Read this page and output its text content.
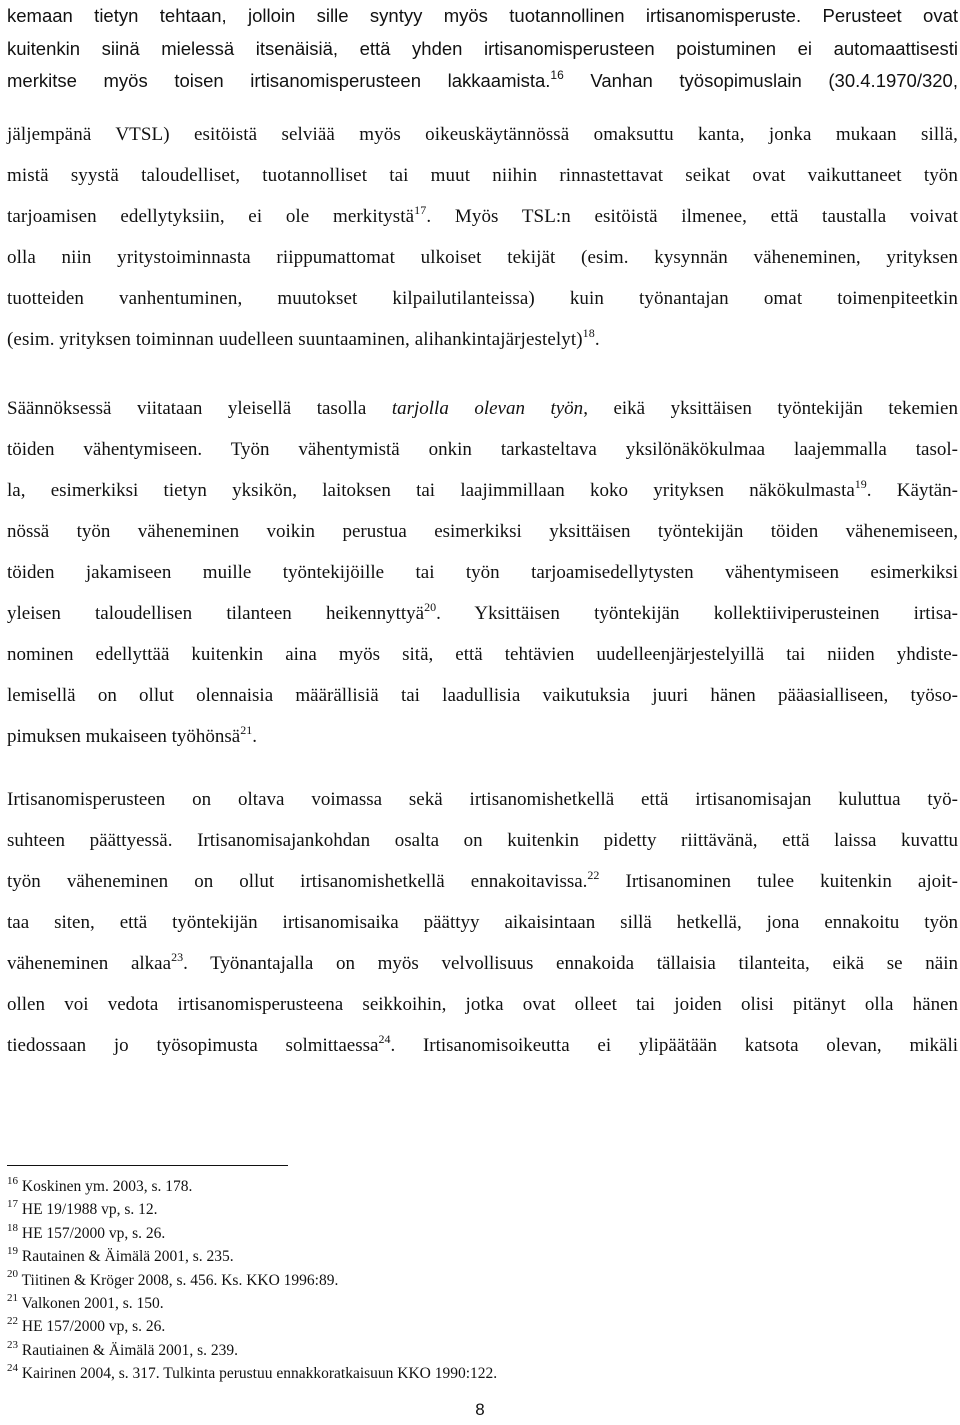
kemaan tietyn tehtaan, jolloin sille syntyy myös tuotannollinen irtisanomisperuste. Perusteet ovat
kuitenkin siinä mielessä itsenäisiä, että yhden irtisanomisperusteen poistuminen ei automaattisesti
merkitse myös toisen irtisanomisperusteen lakkaamista.$^{16}$ Vanhan työsopimuslain (30.4.1970/320,
jäljempänä VTSL) esitöistä selviää myös oikeuskäytännössä omaksuttu kanta, jonka mukaan sillä,
mistä syystä taloudelliset, tuotannolliset tai muut niihin rinnastettavat seikat ovat vaikuttaneet työn
tarjoamisen edellytyksiin, ei ole merkitystä$^{17}$. Myös TSL:n esitöistä ilmenee, että taustalla voivat
olla niin yritystoiminnasta riippumattomat ulkoiset tekijät (esim. kysynnän väheneminen, yrityksen
tuotteiden vanhentuminen, muutokset kilpailutilanteissa) kuin työnantajan omat toimenpiteetkin
(esim. yrityksen toiminnan uudelleen suuntaaminen, alihankintajärjestelyt)$^{18}$.
Säännöksessä viitataan yleisellä tasolla tarjolla olevan työn, eikä yksittäisen työntekijän tekemien
töiden vähentymiseen. Työn vähentymistä onkin tarkasteltava yksilönäkökulmaa laajemmalla tasol-
la, esimerkiksi tietyn yksikön, laitoksen tai laajimmillaan koko yrityksen näkökulmasta$^{19}$. Käytän-
nössä työn väheneminen voikin perustua esimerkiksi yksittäisen työntekijän töiden vähenemiseen,
töiden jakamiseen muille työntekijöille tai työn tarjoamisedellytysten vähentymiseen esimerkiksi
yleisen taloudellisen tilanteen heikennyttyä$^{20}$. Yksittäisen työntekijän kollektiiviperusteinen irtisa-
nominen edellyttää kuitenkin aina myös sitä, että tehtävien uudelleenjärjestelyillä tai niiden yhdiste-
lemisellä on ollut olennaisia määrällisiä tai laadullisia vaikutuksia juuri hänen pääasialliseen, työso-
pimuksen mukaiseen työhönsä$^{21}$.
Irtisanomisperusteen on oltava voimassa sekä irtisanomishetkellä että irtisanomisajan kuluttua työ-
suhteen päättyessä. Irtisanomisajankohdan osalta on kuitenkin pidetty riittävänä, että laissa kuvattu
työn väheneminen on ollut irtisanomishetkellä ennakoitavissa.$^{22}$ Irtisanominen tulee kuitenkin ajoit-
taa siten, että työntekijän irtisanomisaika päättyy aikaisintaan sillä hetkellä, jona ennakoitu työn
väheneminen alkaa$^{23}$. Työnantajalla on myös velvollisuus ennakoida tällaisia tilanteita, eikä se näin
ollen voi vedota irtisanomisperusteena seikkoihin, jotka ovat olleet tai joiden olisi pitänyt olla hänen
tiedossaan jo työsopimusta solmittaessa$^{24}$. Irtisanomisoikeutta ei ylipäätään katsota olevan, mikäli
$^{16}$ Koskinen ym. 2003, s. 178.
$^{17}$ HE 19/1988 vp, s. 12.
$^{18}$ HE 157/2000 vp, s. 26.
$^{19}$ Rautainen & Äimälä 2001, s. 235.
$^{20}$ Tiitinen & Kröger 2008, s. 456. Ks. KKO 1996:89.
$^{21}$ Valkonen 2001, s. 150.
$^{22}$ HE 157/2000 vp, s. 26.
$^{23}$ Rautiainen & Äimälä 2001, s. 239.
$^{24}$ Kairinen 2004, s. 317. Tulkinta perustuu ennakkoratkaisuun KKO 1990:122.
8
